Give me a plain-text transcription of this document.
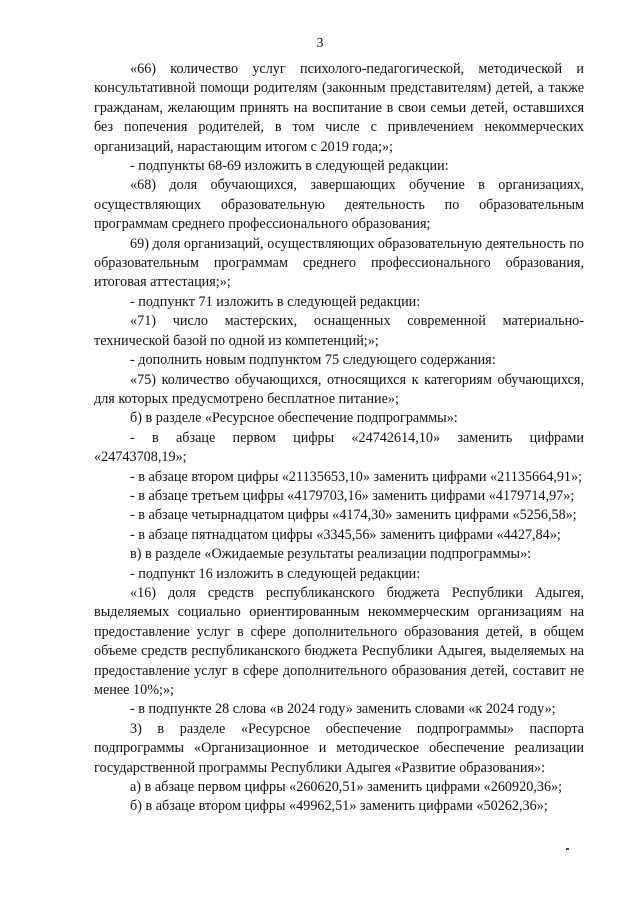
3

«66) количество услуг психолого-педагогической, методической и консультативной помощи родителям (законным представителям) детей, а также гражданам, желающим принять на воспитание в свои семьи детей, оставшихся без попечения родителей, в том числе с привлечением некоммерческих организаций, нарастающим итогом с 2019 года;»;

- подпункты 68-69 изложить в следующей редакции:

«68) доля обучающихся, завершающих обучение в организациях, осуществляющих образовательную деятельность по образовательным программам среднего профессионального образования;

69) доля организаций, осуществляющих образовательную деятельность по образовательным программам среднего профессионального образования, итоговая аттестация;»;

- подпункт 71 изложить в следующей редакции:

«71) число мастерских, оснащенных современной материально-технической базой по одной из компетенций;»;

- дополнить новым подпунктом 75 следующего содержания:

«75) количество обучающихся, относящихся к категориям обучающихся, для которых предусмотрено бесплатное питание»;

б) в разделе «Ресурсное обеспечение подпрограммы»:

- в абзаце первом цифры «24742614,10» заменить цифрами «24743708,19»;

- в абзаце втором цифры «21135653,10» заменить цифрами «21135664,91»;

- в абзаце третьем цифры «4179703,16» заменить цифрами «4179714,97»;

- в абзаце четырнадцатом цифры «4174,30» заменить цифрами «5256,58»;

- в абзаце пятнадцатом цифры «3345,56» заменить цифрами «4427,84»;

в) в разделе «Ожидаемые результаты реализации подпрограммы»:

- подпункт 16 изложить в следующей редакции:

«16) доля средств республиканского бюджета Республики Адыгея, выделяемых социально ориентированным некоммерческим организациям на предоставление услуг в сфере дополнительного образования детей, в общем объеме средств республиканского бюджета Республики Адыгея, выделяемых на предоставление услуг в сфере дополнительного образования детей, составит не менее 10%;»;

- в подпункте 28 слова «в 2024 году» заменить словами «к 2024 году»;

3) в разделе «Ресурсное обеспечение подпрограммы» паспорта подпрограммы «Организационное и методическое обеспечение реализации государственной программы Республики Адыгея «Развитие образования»:

а) в абзаце первом цифры «260620,51» заменить цифрами «260920,36»;

б) в абзаце втором цифры «49962,51» заменить цифрами «50262,36»;
